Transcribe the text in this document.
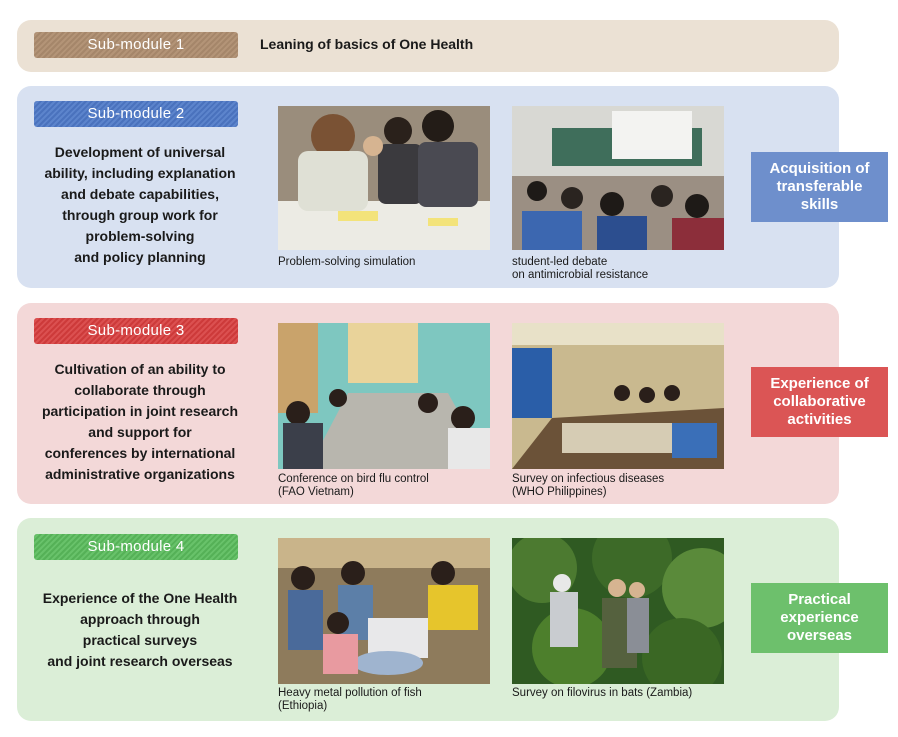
Sub-module 1	Leaning of basics of One Health
Sub-module 2
Development of universal
ability, including explanation
and debate capabilities,
through group work for
problem-solving
and policy planning	Problem-solving simulation	student-led debate
on antimicrobial resistance
Acquisition of
transferable
skills
Sub-module 3
Cultivation of an ability to
collaborate through
participation in joint research
and support for
conferences by international
administrative organizations	Conference on bird flu control
(FAO Vietnam)
Survey on infectious diseases
(WHO Philippines)
Experience of
collaborative
activities
Sub-module 4
Experience of the One Health
approach through
practical surveys
and joint research overseas
Heavy metal pollution of fish
(Ethiopia)
Survey on filovirus in bats (Zambia)
Practical
experience
overseas
